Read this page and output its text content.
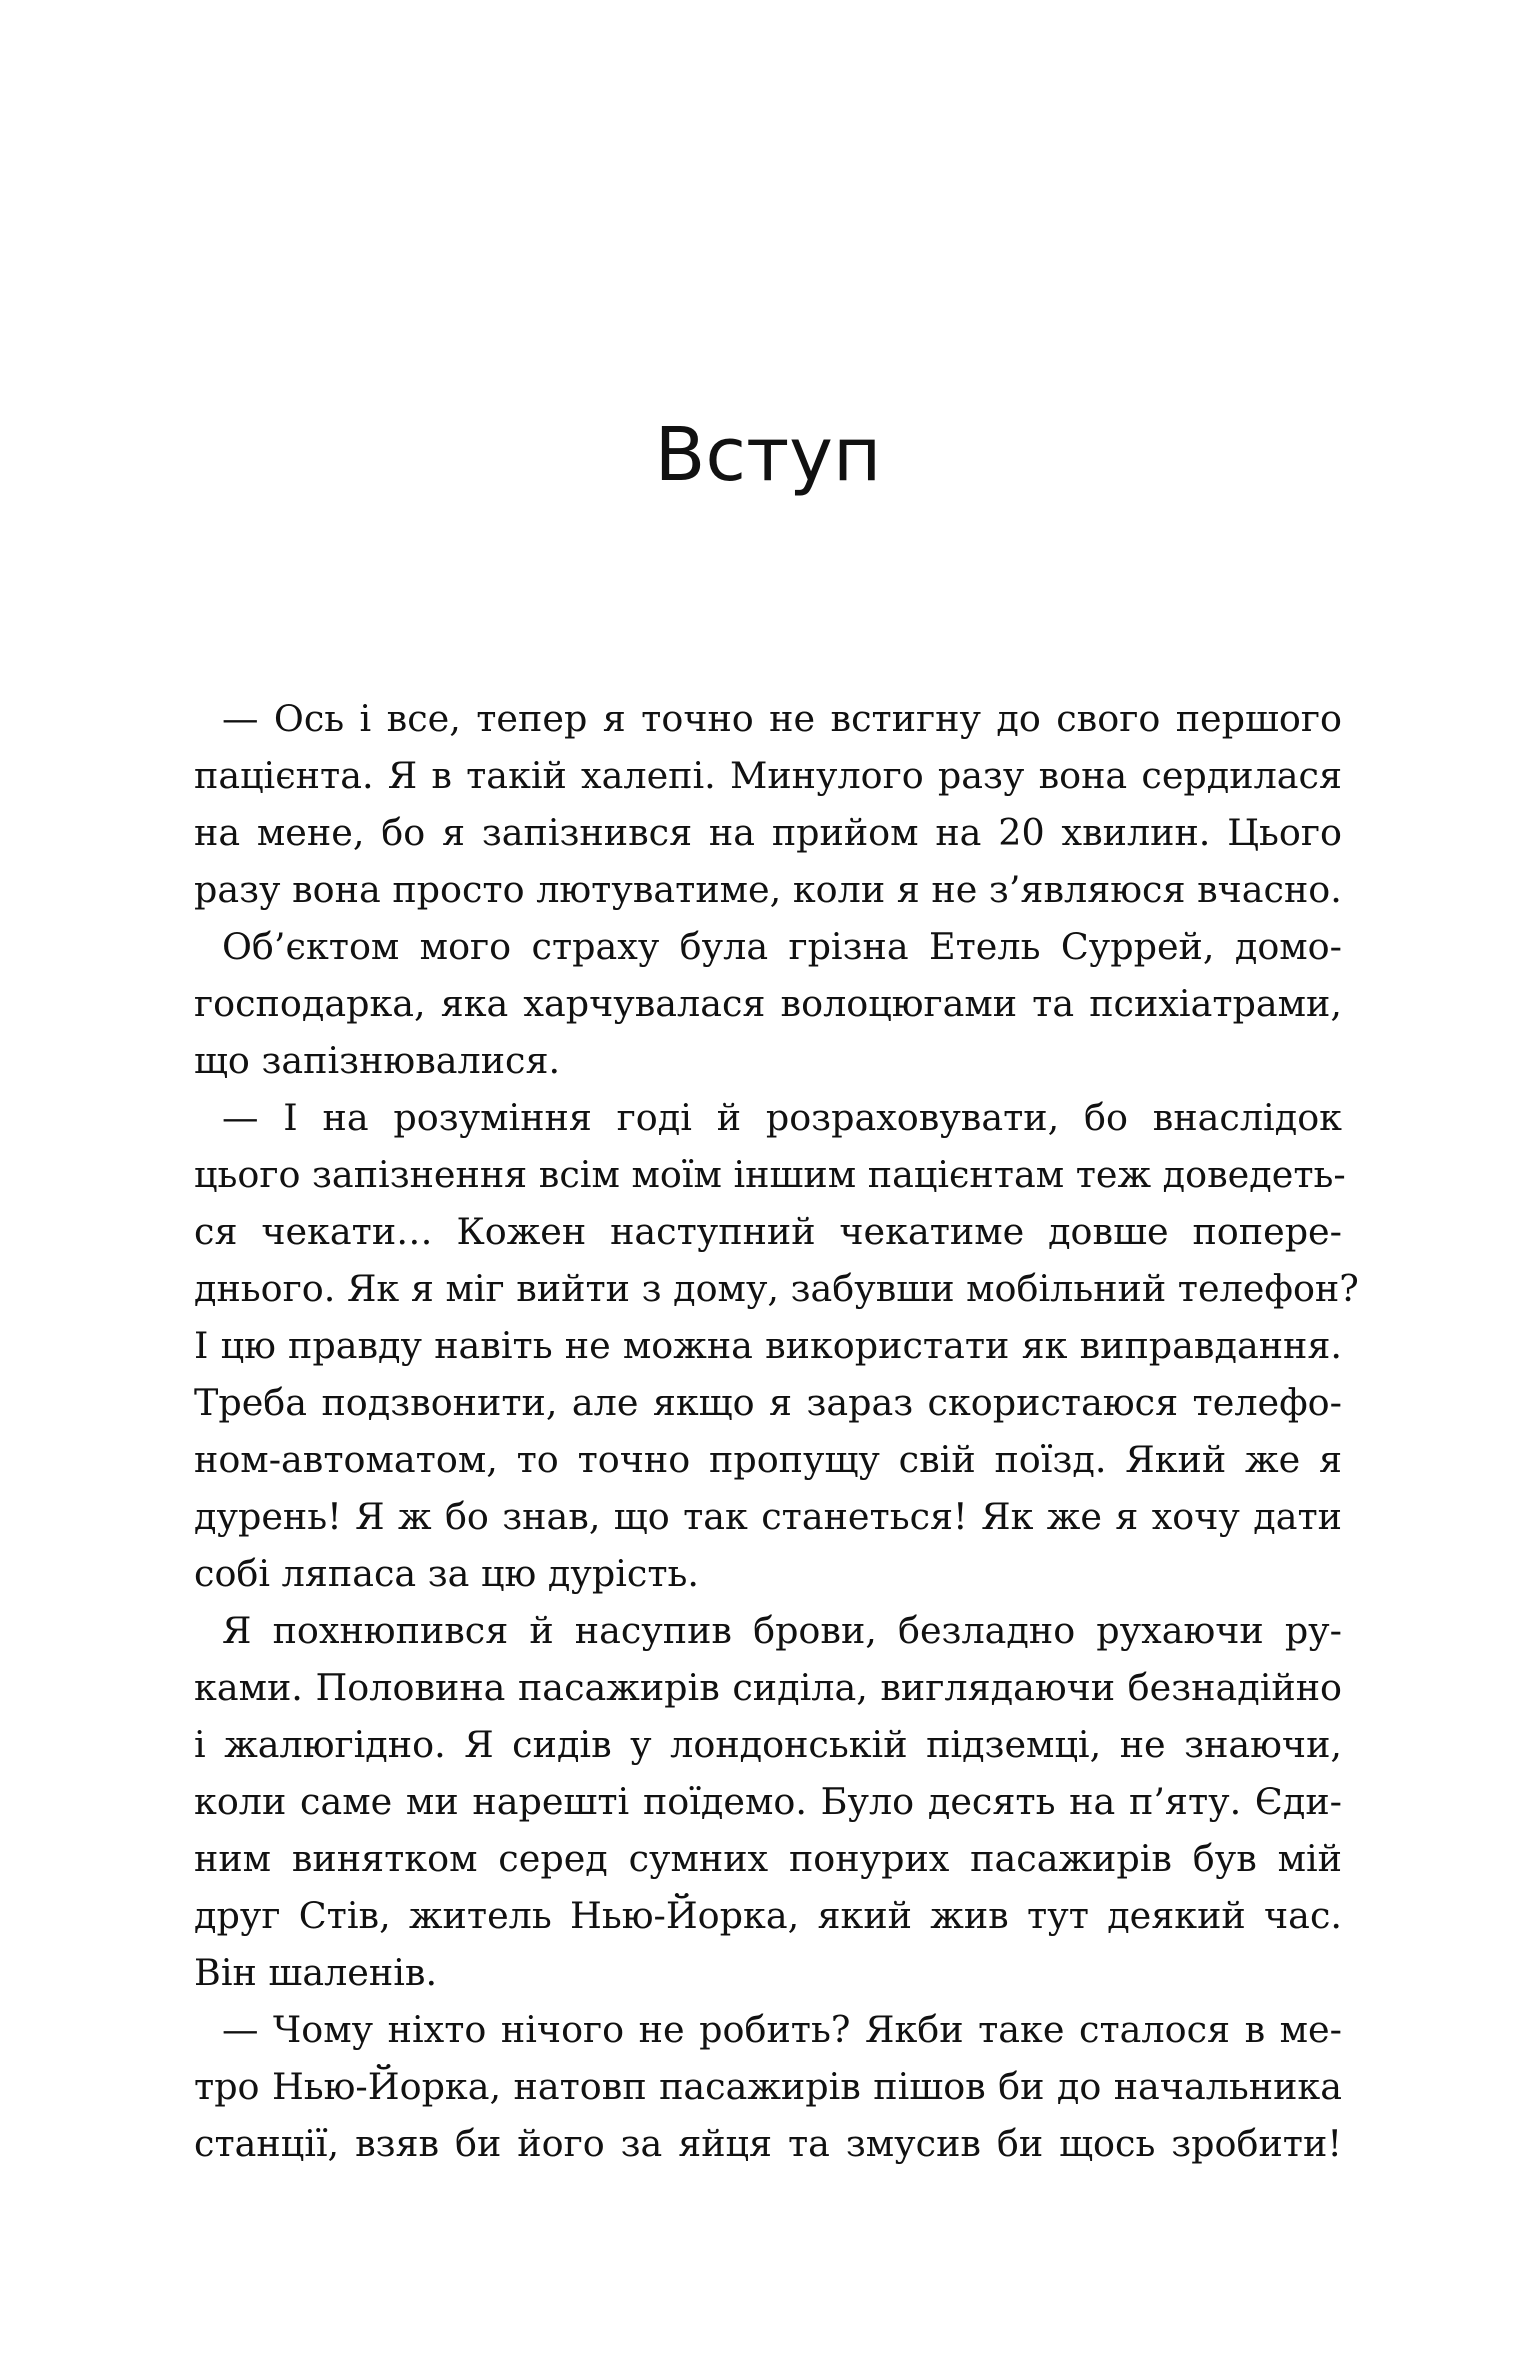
Вступ
— Ось і все, тепер я точно не встигну до свого першого
пацієнта. Я в такій халепі. Минулого разу вона сердилася
на мене, бо я запізнився на прийом на 20 хвилин. Цього
разу вона просто лютуватиме, коли я не з’являюся вчасно.
Об’єктом мого страху була грізна Етель Суррей, домо-
господарка, яка харчувалася волоцюгами та психіатрами,
що запізнювалися.
— І на розуміння годі й розраховувати, бо внаслідок
цього запізнення всім моїм іншим пацієнтам теж доведеть-
ся чекати… Кожен наступний чекатиме довше попере-
днього. Як я міг вийти з дому, забувши мобільний телефон?
І цю правду навіть не можна використати як виправдання.
Треба подзвонити, але якщо я зараз скористаюся телефо-
ном-автоматом, то точно пропущу свій поїзд. Який же я
дурень! Я ж бо знав, що так станеться! Як же я хочу дати
собі ляпаса за цю дурість.
Я похнюпився й насупив брови, безладно рухаючи ру-
ками. Половина пасажирів сиділа, виглядаючи безнадійно
і жалюгідно. Я сидів у лондонській підземці, не знаючи,
коли саме ми нарешті поїдемо. Було десять на п’яту. Єди-
ним винятком серед сумних понурих пасажирів був мій
друг Стів, житель Нью-Йорка, який жив тут деякий час.
Він шаленів.
— Чому ніхто нічого не робить? Якби таке сталося в ме-
тро Нью-Йорка, натовп пасажирів пішов би до начальника
станції, взяв би його за яйця та змусив би щось зробити!
